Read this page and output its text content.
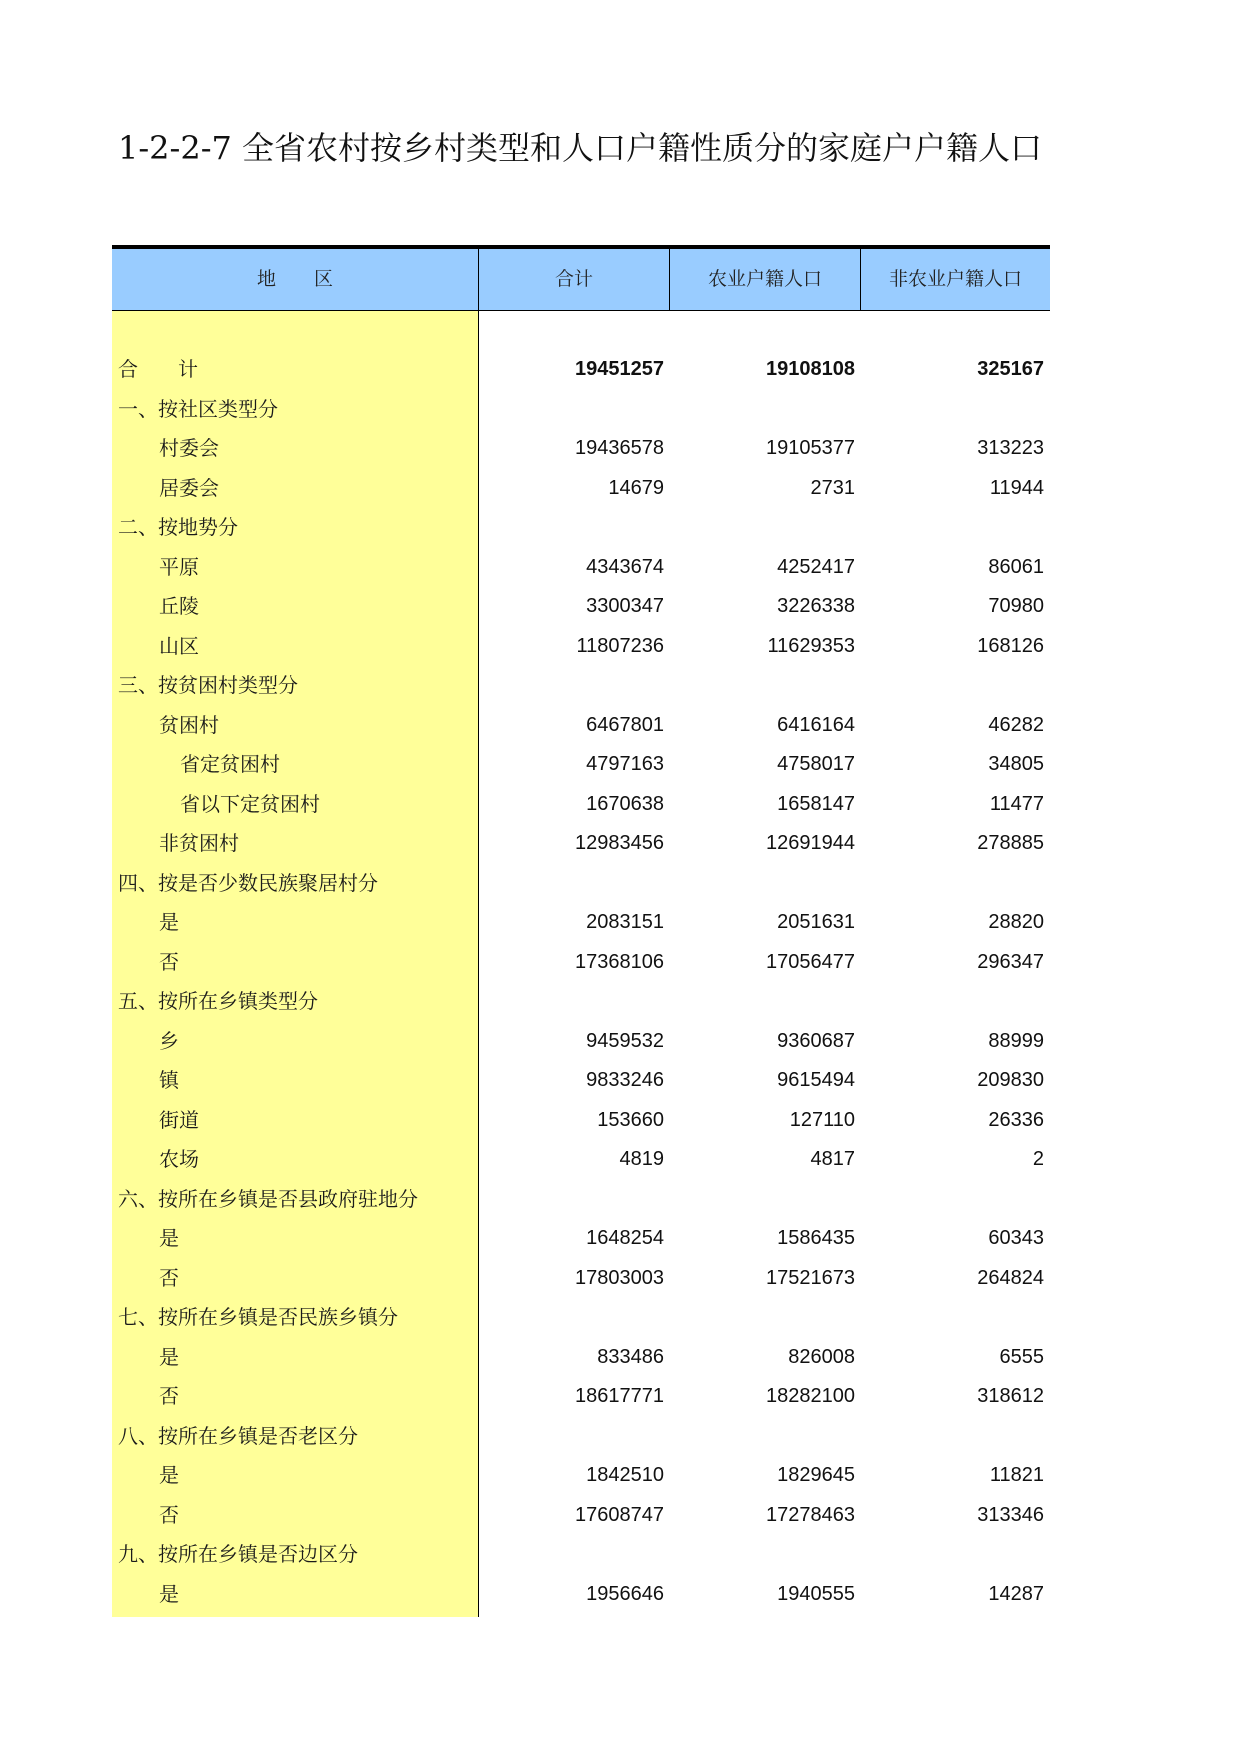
1-2-2-7 全省农村按乡村类型和人口户籍性质分的家庭户户籍人口
地　　区	合计	农业户籍人口	非农业户籍人口
合　　计	19451257	19108108	325167
一、按社区类型分
村委会	19436578	19105377	313223
居委会	14679	2731	11944
二、按地势分
平原	4343674	4252417	86061
丘陵	3300347	3226338	70980
山区	11807236	11629353	168126
三、按贫困村类型分
贫困村	6467801	6416164	46282
省定贫困村	4797163	4758017	34805
省以下定贫困村	1670638	1658147	11477
非贫困村	12983456	12691944	278885
四、按是否少数民族聚居村分
是	2083151	2051631	28820
否	17368106	17056477	296347
五、按所在乡镇类型分
乡	9459532	9360687	88999
镇	9833246	9615494	209830
街道	153660	127110	26336
农场	4819	4817	2
六、按所在乡镇是否县政府驻地分
是	1648254	1586435	60343
否	17803003	17521673	264824
七、按所在乡镇是否民族乡镇分
是	833486	826008	6555
否	18617771	18282100	318612
八、按所在乡镇是否老区分
是	1842510	1829645	11821
否	17608747	17278463	313346
九、按所在乡镇是否边区分
是	1956646	1940555	14287
